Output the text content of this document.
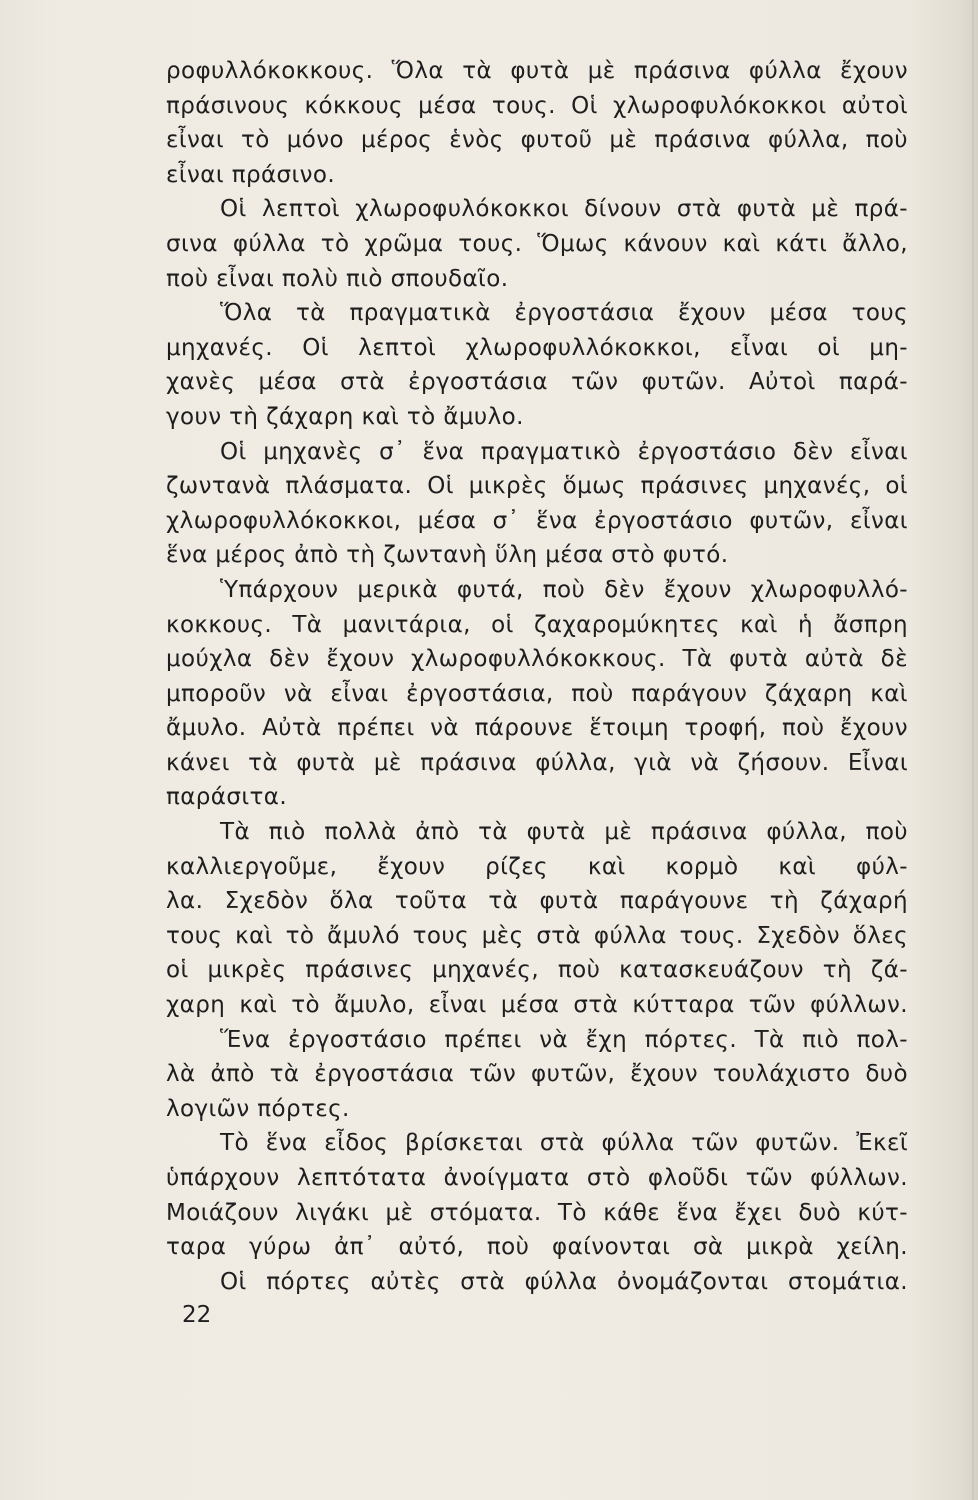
ροφυλλόκοκκους. Ὅλα τὰ φυτὰ μὲ πράσινα φύλλα ἔχουν
πράσινους κόκκους μέσα τους. Οἱ χλωροφυλόκοκκοι αὐτοὶ
εἶναι τὸ μόνο μέρος ἑνὸς φυτοῦ μὲ πράσινα φύλλα, ποὺ
εἶναι πράσινο.
Οἱ λεπτοὶ χλωροφυλόκοκκοι δίνουν στὰ φυτὰ μὲ πρά-
σινα φύλλα τὸ χρῶμα τους. Ὅμως κάνουν καὶ κάτι ἄλλο,
ποὺ εἶναι πολὺ πιὸ σπουδαῖο.
Ὅλα τὰ πραγματικὰ ἐργοστάσια ἔχουν μέσα τους
μηχανές. Οἱ λεπτοὶ χλωροφυλλόκοκκοι, εἶναι οἱ μη-
χανὲς μέσα στὰ ἐργοστάσια τῶν φυτῶν. Αὐτοὶ παρά-
γουν τὴ ζάχαρη καὶ τὸ ἄμυλο.
Οἱ μηχανὲς σ᾽ ἕνα πραγματικὸ ἐργοστάσιο δὲν εἶναι
ζωντανὰ πλάσματα. Οἱ μικρὲς ὅμως πράσινες μηχανές, οἱ
χλωροφυλλόκοκκοι, μέσα σ᾽ ἕνα ἐργοστάσιο φυτῶν, εἶναι
ἕνα μέρος ἀπὸ τὴ ζωντανὴ ὕλη μέσα στὸ φυτό.
Ὑπάρχουν μερικὰ φυτά, ποὺ δὲν ἔχουν χλωροφυλλό-
κοκκους. Τὰ μανιτάρια, οἱ ζαχαρομύκητες καὶ ἡ ἄσπρη
μούχλα δὲν ἔχουν χλωροφυλλόκοκκους. Τὰ φυτὰ αὐτὰ δὲ
μποροῦν νὰ εἶναι ἐργοστάσια, ποὺ παράγουν ζάχαρη καὶ
ἄμυλο. Αὐτὰ πρέπει νὰ πάρουνε ἕτοιμη τροφή, ποὺ ἔχουν
κάνει τὰ φυτὰ μὲ πράσινα φύλλα, γιὰ νὰ ζήσουν. Εἶναι
παράσιτα.
Τὰ πιὸ πολλὰ ἀπὸ τὰ φυτὰ μὲ πράσινα φύλλα, ποὺ
καλλιεργοῦμε, ἔχουν ρίζες καὶ κορμὸ καὶ φύλ-
λα. Σχεδὸν ὅλα τοῦτα τὰ φυτὰ παράγουνε τὴ ζάχαρή
τους καὶ τὸ ἄμυλό τους μὲς στὰ φύλλα τους. Σχεδὸν ὅλες
οἱ μικρὲς πράσινες μηχανές, ποὺ κατασκευάζουν τὴ ζά-
χαρη καὶ τὸ ἄμυλο, εἶναι μέσα στὰ κύτταρα τῶν φύλλων.
Ἕνα ἐργοστάσιο πρέπει νὰ ἔχη πόρτες. Τὰ πιὸ πολ-
λὰ ἀπὸ τὰ ἐργοστάσια τῶν φυτῶν, ἔχουν τουλάχιστο δυὸ
λογιῶν πόρτες.
Τὸ ἕνα εἶδος βρίσκεται στὰ φύλλα τῶν φυτῶν. Ἐκεῖ
ὑπάρχουν λεπτότατα ἀνοίγματα στὸ φλοῦδι τῶν φύλλων.
Μοιάζουν λιγάκι μὲ στόματα. Τὸ κάθε ἕνα ἔχει δυὸ κύτ-
ταρα γύρω ἀπ᾽ αὐτό, ποὺ φαίνονται σὰ μικρὰ χείλη.
Οἱ πόρτες αὐτὲς στὰ φύλλα ὀνομάζονται στομάτια.
22
